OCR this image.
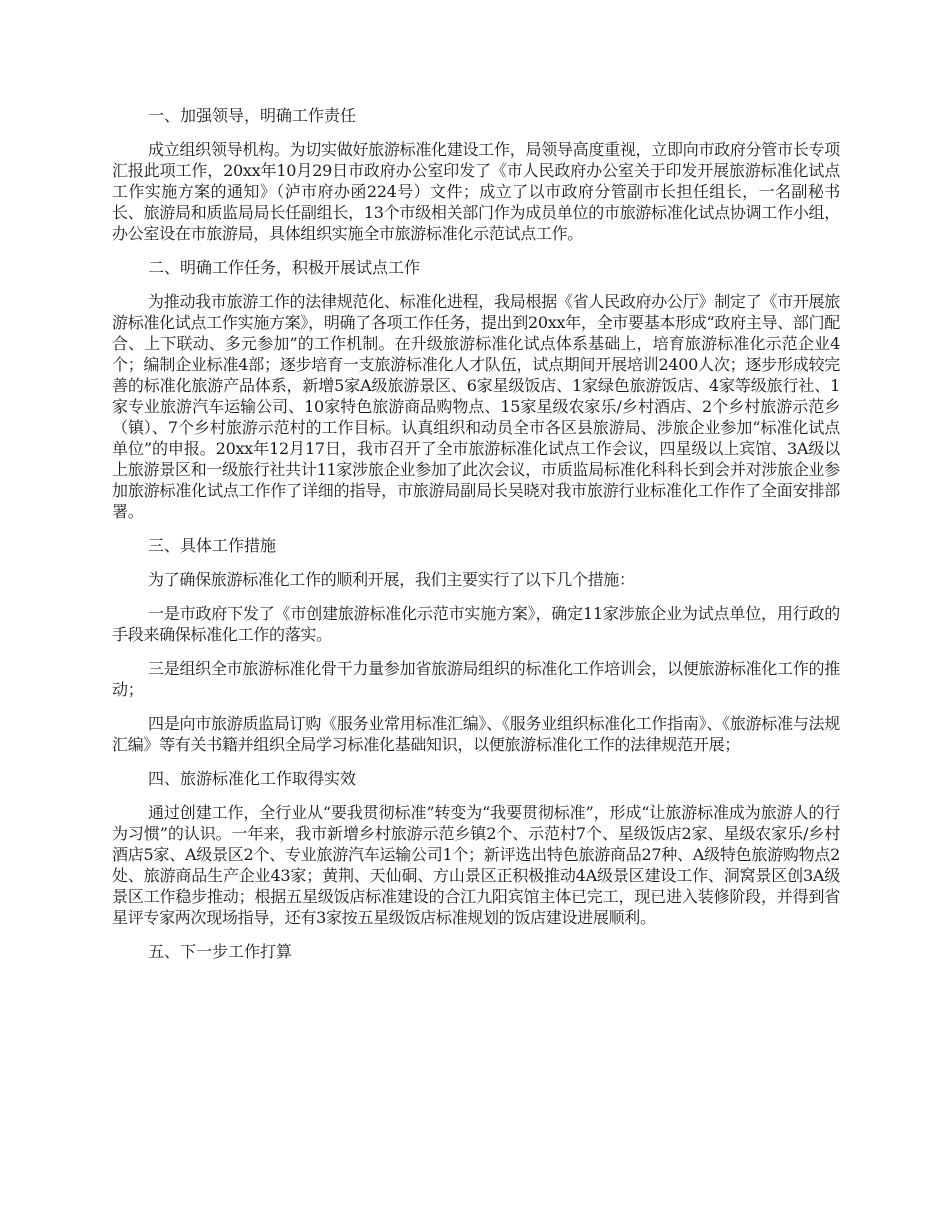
一、加强领导，明确工作责任

成立组织领导机构。为切实做好旅游标准化建设工作，局领导高度重视，立即向市政府分管市长专项汇报此项工作，20xx年10月29日市政府办公室印发了《市人民政府办公室关于印发开展旅游标准化试点工作实施方案的通知》（泸市府办函224号）文件；成立了以市政府分管副市长担任组长，一名副秘书长、旅游局和质监局局长任副组长，13个市级相关部门作为成员单位的市旅游标准化试点协调工作小组，办公室设在市旅游局，具体组织实施全市旅游标准化示范试点工作。

二、明确工作任务，积极开展试点工作

为推动我市旅游工作的法律规范化、标准化进程，我局根据《省人民政府办公厅》制定了《市开展旅游标准化试点工作实施方案》，明确了各项工作任务，提出到20xx年，全市要基本形成“政府主导、部门配合、上下联动、多元参加”的工作机制。在升级旅游标准化试点体系基础上，培育旅游标准化示范企业4个；编制企业标准4部；逐步培育一支旅游标准化人才队伍，试点期间开展培训2400人次；逐步形成较完善的标准化旅游产品体系，新增5家A级旅游景区、6家星级饭店、1家绿色旅游饭店、4家等级旅行社、1家专业旅游汽车运输公司、10家特色旅游商品购物点、15家星级农家乐/乡村酒店、2个乡村旅游示范乡（镇）、7个乡村旅游示范村的工作目标。认真组织和动员全市各区县旅游局、涉旅企业参加“标准化试点单位”的申报。20xx年12月17日，我市召开了全市旅游标准化试点工作会议，四星级以上宾馆、3A级以上旅游景区和一级旅行社共计11家涉旅企业参加了此次会议，市质监局标准化科科长到会并对涉旅企业参加旅游标准化试点工作作了详细的指导，市旅游局副局长吴晓对我市旅游行业标准化工作作了全面安排部署。

三、具体工作措施

为了确保旅游标准化工作的顺利开展，我们主要实行了以下几个措施：

一是市政府下发了《市创建旅游标准化示范市实施方案》，确定11家涉旅企业为试点单位，用行政的手段来确保标准化工作的落实。

三是组织全市旅游标准化骨干力量参加省旅游局组织的标准化工作培训会，以便旅游标准化工作的推动；

四是向市旅游质监局订购《服务业常用标准汇编》、《服务业组织标准化工作指南》、《旅游标准与法规汇编》等有关书籍并组织全局学习标准化基础知识，以便旅游标准化工作的法律规范开展；

四、旅游标准化工作取得实效

通过创建工作，全行业从“要我贯彻标准”转变为“我要贯彻标准”，形成“让旅游标准成为旅游人的行为习惯”的认识。一年来，我市新增乡村旅游示范乡镇2个、示范村7个、星级饭店2家、星级农家乐/乡村酒店5家、A级景区2个、专业旅游汽车运输公司1个；新评选出特色旅游商品27种、A级特色旅游购物点2处、旅游商品生产企业43家；黄荆、天仙硐、方山景区正积极推动4A级景区建设工作、洞窝景区创3A级景区工作稳步推动；根据五星级饭店标准建设的合江九阳宾馆主体已完工，现已进入装修阶段，并得到省星评专家两次现场指导，还有3家按五星级饭店标准规划的饭店建设进展顺利。

五、下一步工作打算
